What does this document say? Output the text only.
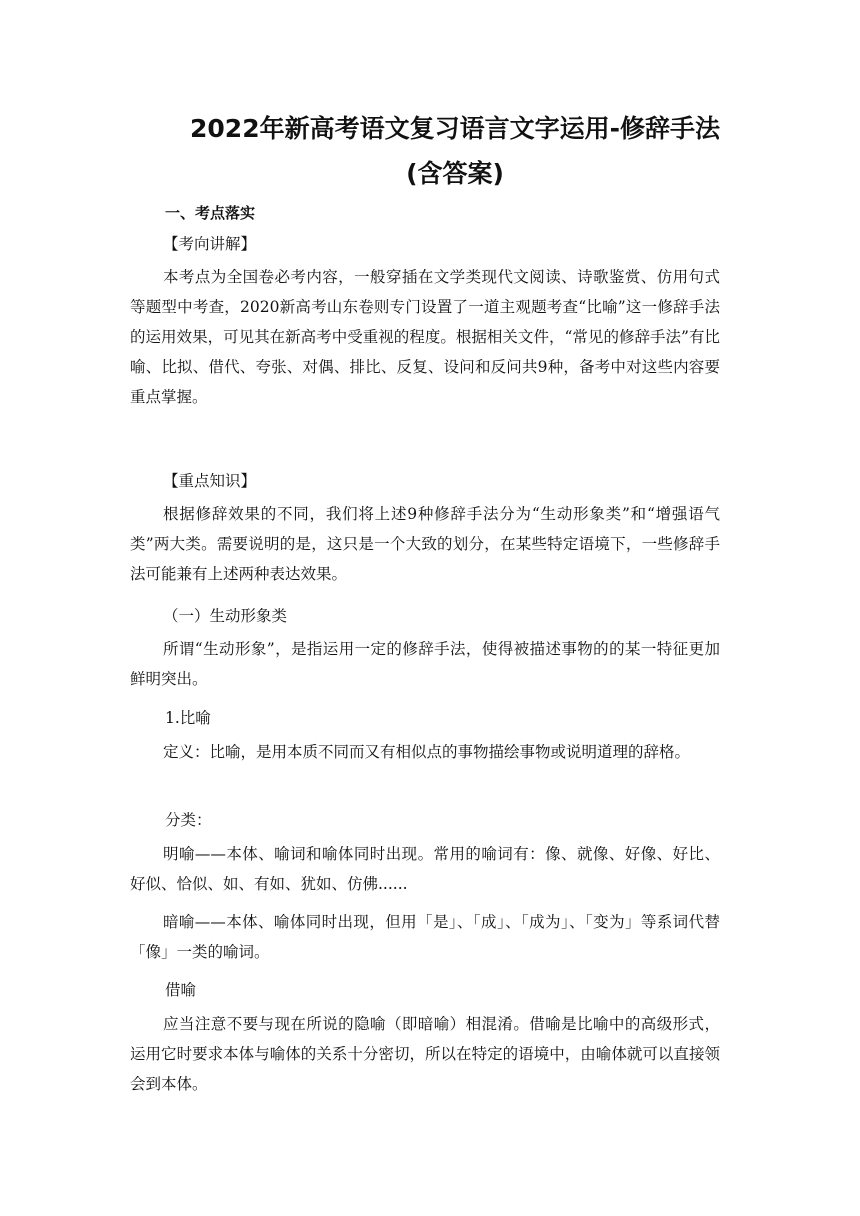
2022年新高考语文复习语言文字运用-修辞手法
(含答案)
一、考点落实
【考向讲解】
本考点为全国卷必考内容，一般穿插在文学类现代文阅读、诗歌鉴赏、仿用句式等题型中考查，2020新高考山东卷则专门设置了一道主观题考查“比喻”这一修辞手法的运用效果，可见其在新高考中受重视的程度。根据相关文件，“常见的修辞手法”有比喻、比拟、借代、夸张、对偶、排比、反复、设问和反问共9种，备考中对这些内容要重点掌握。
【重点知识】
根据修辞效果的不同，我们将上述9种修辞手法分为“生动形象类”和“增强语气类”两大类。需要说明的是，这只是一个大致的划分，在某些特定语境下，一些修辞手法可能兼有上述两种表达效果。
（一）生动形象类
所谓“生动形象”，是指运用一定的修辞手法，使得被描述事物的的某一特征更加鲜明突出。
1.比喻
定义：比喻，是用本质不同而又有相似点的事物描绘事物或说明道理的辞格。
分类：
明喻——本体、喻词和喻体同时出现。常用的喻词有：像、就像、好像、好比、好似、恰似、如、有如、犹如、仿佛......
暗喻——本体、喻体同时出现，但用「是」、「成」、「成为」、「变为」等系词代替「像」一类的喻词。
借喻
应当注意不要与现在所说的隐喻（即暗喻）相混淆。借喻是比喻中的高级形式，运用它时要求本体与喻体的关系十分密切，所以在特定的语境中，由喻体就可以直接领会到本体。
